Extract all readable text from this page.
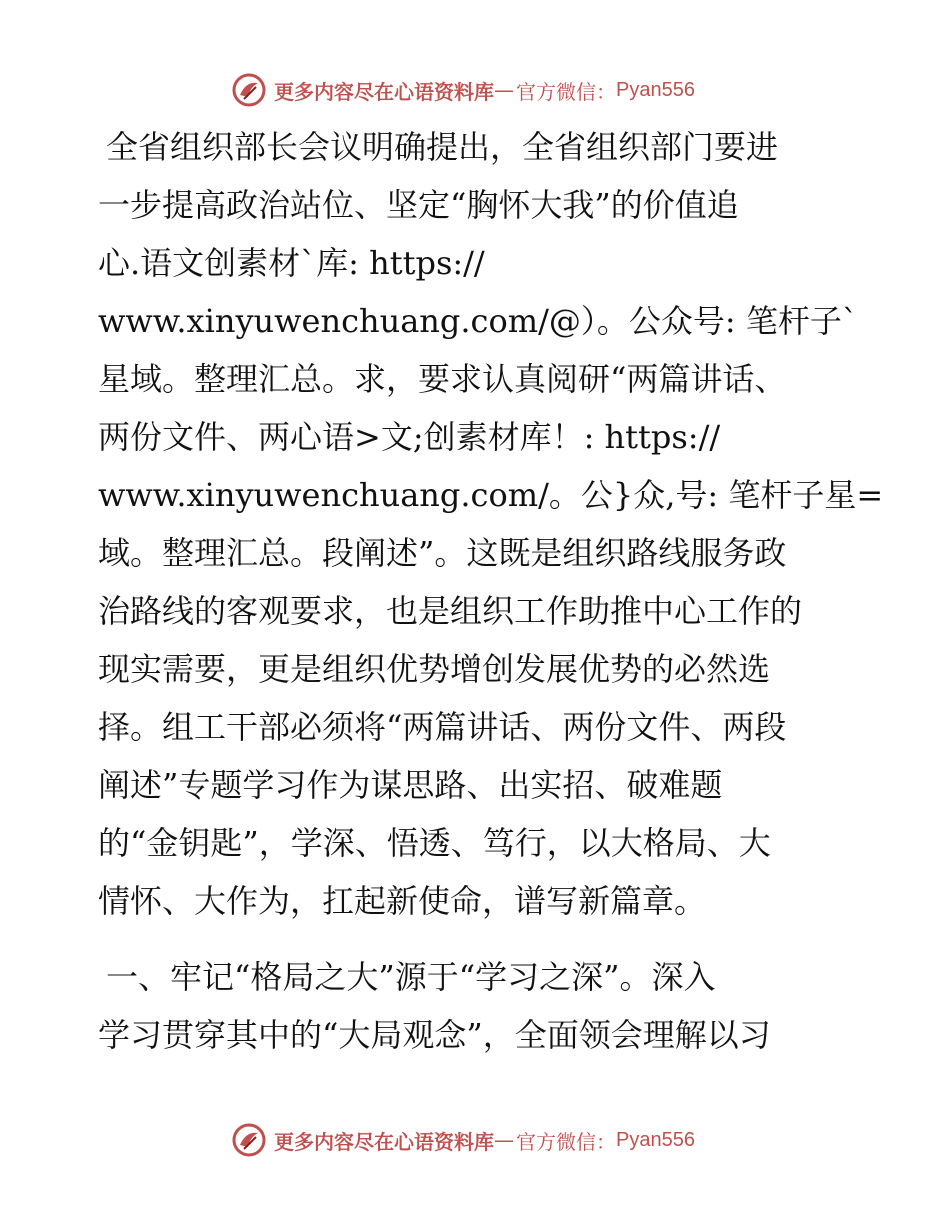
更多内容尽在心语资料库 — 官方微信： Pyan556
全省组织部长会议明确提出，全省组织部门要进
一步提高政治站位、坚定“胸怀大我”的价值追
心.语文创素材`库: https://
www.xinyuwenchuang.com/@）。公众号: 笔杆子`
星域。整理汇总。求，要求认真阅研“两篇讲话、
两份文件、两心语>文;创素材库！: https://
www.xinyuwenchuang.com/。公}众,号: 笔杆子星=
域。整理汇总。段阐述”。这既是组织路线服务政
治路线的客观要求，也是组织工作助推中心工作的
现实需要，更是组织优势增创发展优势的必然选
择。组工干部必须将“两篇讲话、两份文件、两段
阐述”专题学习作为谋思路、出实招、破难题
的“金钥匙”，学深、悟透、笃行，以大格局、大
情怀、大作为，扛起新使命，谱写新篇章。
一、牢记“格局之大”源于“学习之深”。深入
学习贯穿其中的“大局观念”，全面领会理解以习
更多内容尽在心语资料库 — 官方微信： Pyan556
